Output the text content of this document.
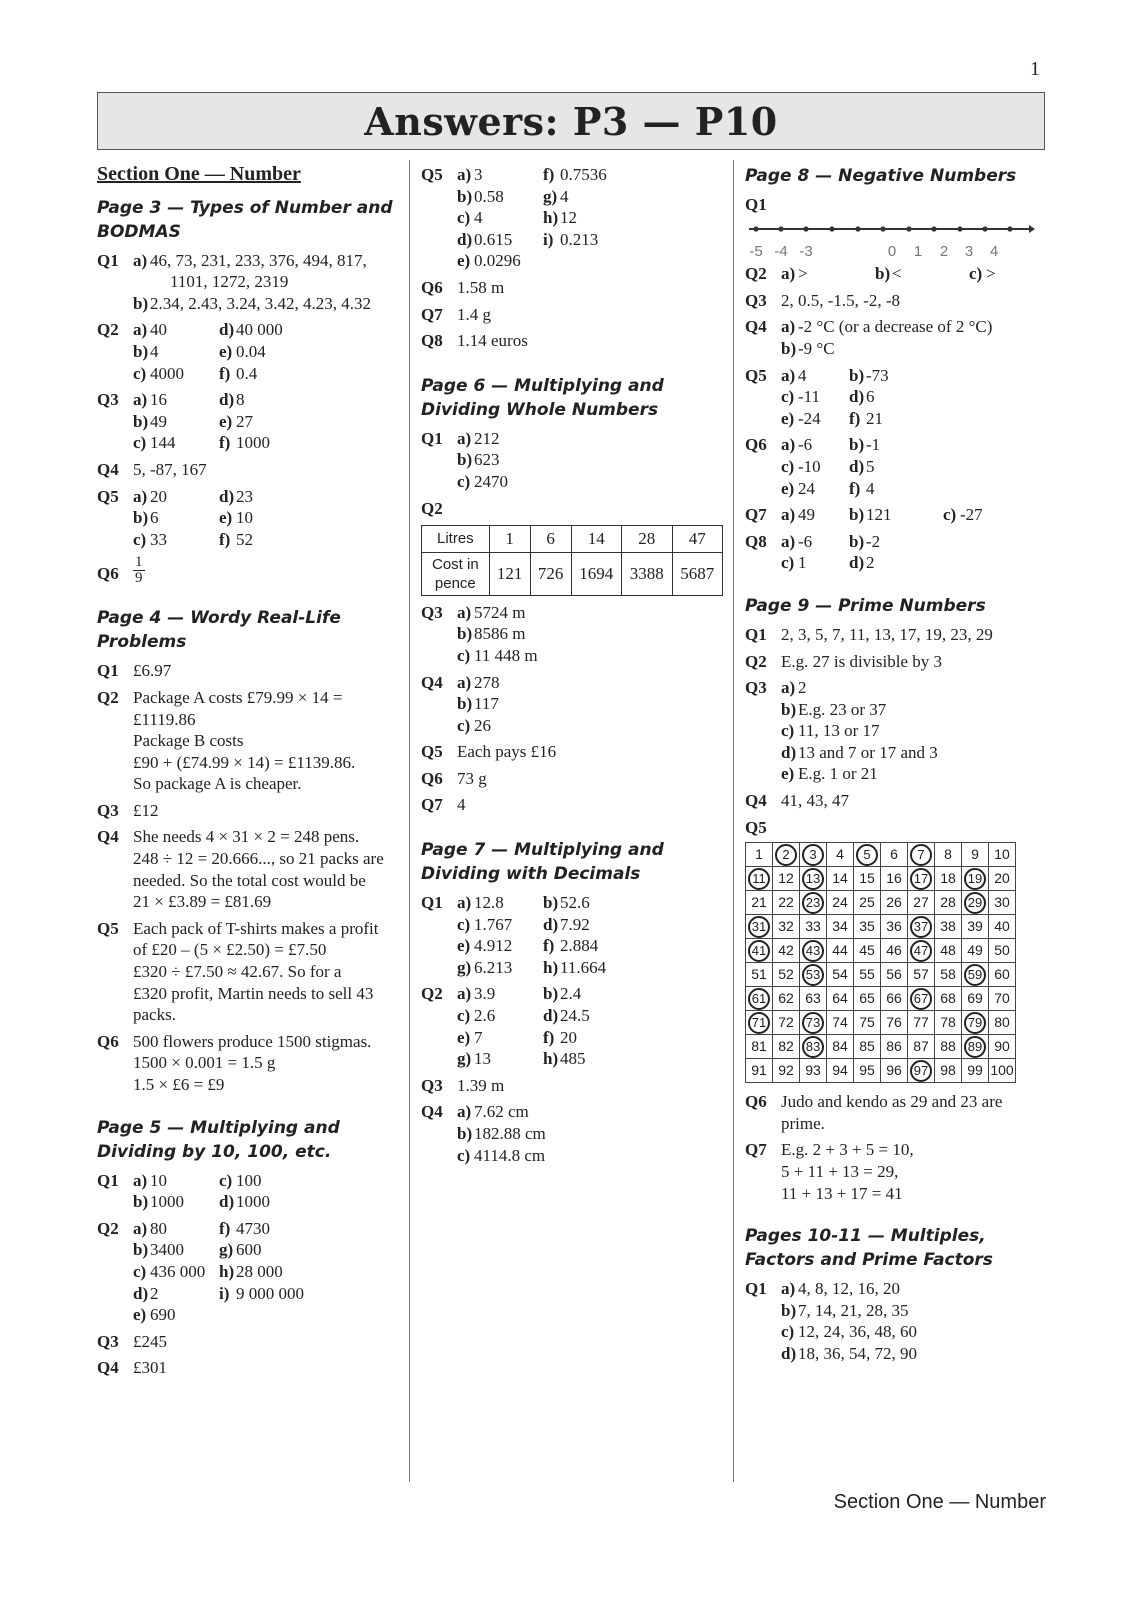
1
Answers: P3 — P10
Section One — Number
Page 3 — Types of Number and BODMAS
Q1 a) 46, 73, 231, 233, 376, 494, 817,
1101, 1272, 2319
b) 2.34, 2.43, 3.24, 3.42, 4.23, 4.32
Q2 a) 40	d) 40 000
b) 4	e) 0.04
c) 4000	f) 0.4
Q3 a) 16	d) 8
b) 49	e) 27
c) 144	f) 1000
Q4 5, -87, 167
Q5 a) 20	d) 23
b) 6	e) 10
c) 33	f) 52
$Q6 \frac{1}{9}$
Page 4 — Wordy Real-Life Problems
Q1 £6.97
Q2 Package A costs £79.99 × 14 =
£1119.86
Package B costs
£90 + (£74.99 × 14) = £1139.86.
So package A is cheaper.
Q3 £12
Q4 She needs 4 × 31 × 2 = 248 pens.
248 ÷ 12 = 20.666..., so 21 packs are
needed. So the total cost would be
21 × £3.89 = £81.69
Q5 Each pack of T-shirts makes a profit
of £20 – (5 × £2.50) = £7.50
£320 ÷ £7.50 ≈ 42.67. So for a
£320 profit, Martin needs to sell 43
packs.
Q6 500 flowers produce 1500 stigmas.
1500 × 0.001 = 1.5 g
1.5 × £6 = £9
Page 5 — Multiplying and Dividing by 10, 100, etc.
Q1 a) 10	c) 100
b) 1000	d) 1000
Q2 a) 80	f) 4730
b) 3400	g) 600
c) 436 000 h) 28 000
d) 2	i) 9 000 000
e) 690
Q3 £245
Q4 £301
Q5 a) 3	f) 0.7536
b) 0.58	g) 4
c) 4	h) 12
d) 0.615	i) 0.213
e) 0.0296
Q6 1.58 m
Q7 1.4 g
Q8 1.14 euros
Page 6 — Multiplying and Dividing Whole Numbers
Q1 a) 212
b) 623
c) 2470
Q2
Litres	1	6	14	28	47
Cost in pence	121	726	1694	3388	5687
Q3 a) 5724 m
b) 8586 m
c) 11 448 m
Q4 a) 278
b) 117
c) 26
Q5 Each pays £16
Q6 73 g
Q7 4
Page 7 — Multiplying and Dividing with Decimals
Q1 a) 12.8	b) 52.6
c) 1.767	d) 7.92
e) 4.912	f) 2.884
g) 6.213	h) 11.664
Q2 a) 3.9	b) 2.4
c) 2.6	d) 24.5
e) 7	f) 20
g) 13	h) 485
Q3 1.39 m
Q4 a) 7.62 cm
b) 182.88 cm
c) 4114.8 cm
Page 8 — Negative Numbers
Q1
-5 -4 -3	0 1 2 3 4
Q2 a) >	b) <	c) >
Q3 2, 0.5, -1.5, -2, -8
Q4 a) -2 °C (or a decrease of 2 °C)
b) -9 °C
Q5 a) 4	b) -73
c) -11	d) 6
e) -24	f) 21
Q6 a) -6	b) -1
c) -10	d) 5
e) 24	f) 4
Q7 a) 49	b) 121	c) -27
Q8 a) -6	b) -2
c) 1	d) 2
Page 9 — Prime Numbers
Q1 2, 3, 5, 7, 11, 13, 17, 19, 23, 29
Q2 E.g. 27 is divisible by 3
Q3 a) 2
b) E.g. 23 or 37
c) 11, 13 or 17
d) 13 and 7 or 17 and 3
e) E.g. 1 or 21
Q4 41, 43, 47
Q5
1	2	3	4	5	6	7	8	9	10
11	12	13	14	15	16	17	18	19	20
21	22	23	24	25	26	27	28	29	30
31	32	33	34	35	36	37	38	39	40
41	42	43	44	45	46	47	48	49	50
51	52	53	54	55	56	57	58	59	60
61	62	63	64	65	66	67	68	69	70
71	72	73	74	75	76	77	78	79	80
81	82	83	84	85	86	87	88	89	90
91	92	93	94	95	96	97	98	99	100
Q6 Judo and kendo as 29 and 23 are
prime.
Q7 E.g. 2 + 3 + 5 = 10,
5 + 11 + 13 = 29,
11 + 13 + 17 = 41
Pages 10-11 — Multiples, Factors and Prime Factors
Q1 a) 4, 8, 12, 16, 20
b) 7, 14, 21, 28, 35
c) 12, 24, 36, 48, 60
d) 18, 36, 54, 72, 90
Section One — Number
